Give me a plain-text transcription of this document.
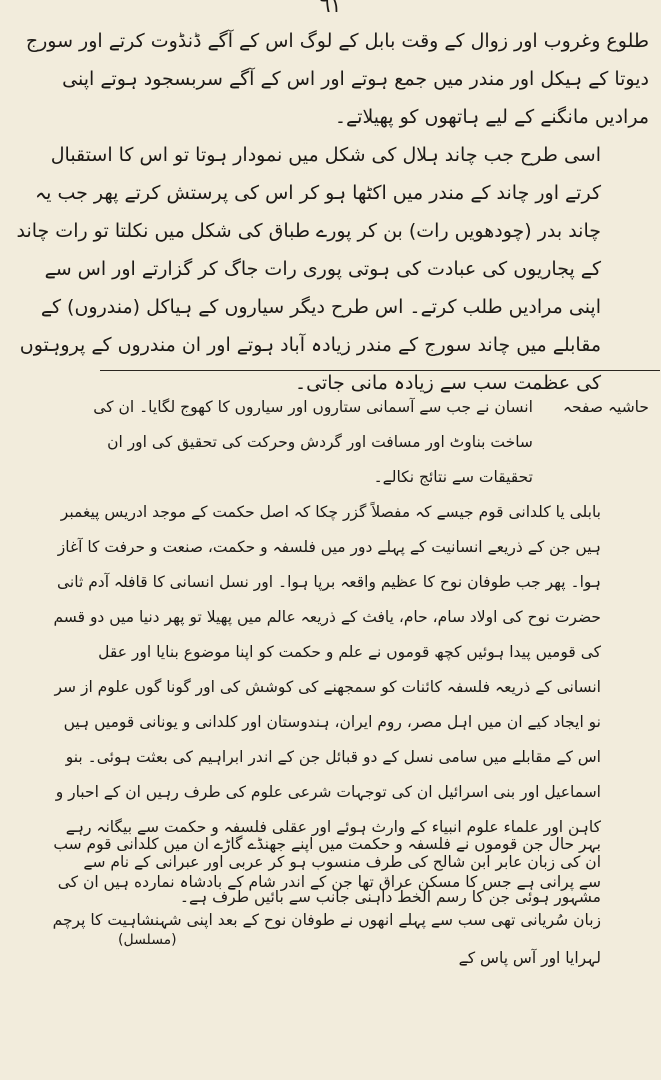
٦١

طلوع وغروب اور زوال کے وقت بابل کے لوگ اس کے آگے ڈنڈوت کرتے اور سورج دیوتا کے ہیکل اور مندر میں جمع ہوتے اور اس کے آگے سربسجود ہوتے اپنی مرادیں مانگنے کے لیے ہاتھوں کو پھیلاتے۔

اسی طرح جب چاند ہلال کی شکل میں نمودار ہوتا تو اس کا استقبال کرتے اور چاند کے مندر میں اکٹھا ہو کر اس کی پرستش کرتے پھر جب یہ چاند بدر (چودھویں رات) بن کر پورے طباق کی شکل میں نکلتا تو رات چاند کے پجاریوں کی عبادت کی ہوتی پوری رات جاگ کر گزارتے اور اس سے اپنی مرادیں طلب کرتے۔ اس طرح دیگر سیاروں کے ہیاکل (مندروں) کے مقابلے میں چاند سورج کے مندر زیادہ آباد ہوتے اور ان مندروں کے پروہتوں کی عظمت سب سے زیادہ مانی جاتی۔

حاشیہ صفحہ
انسان نے جب سے آسمانی ستاروں اور سیاروں کا کھوج لگایا۔ ان کی ساخت بناوٹ اور مسافت اور گردش وحرکت کی تحقیق کی اور ان تحقیقات سے نتائج نکالے۔

بابلی یا کلدانی قوم جیسے کہ مفصلاً گزر چکا کہ اصل حکمت کے موجد ادریس پیغمبر ہیں جن کے ذریعے انسانیت کے پہلے دور میں فلسفہ و حکمت، صنعت و حرفت کا آغاز ہوا۔ پھر جب طوفان نوح کا عظیم واقعہ برپا ہوا۔ اور نسل انسانی کا قافلہ آدم ثانی حضرت نوح کی اولاد سام، حام، یافث کے ذریعہ عالم میں پھیلا تو پھر دنیا میں دو قسم کی قومیں پیدا ہوئیں کچھ قوموں نے علم و حکمت کو اپنا موضوع بنایا اور عقل انسانی کے ذریعہ فلسفہ کائنات کو سمجھنے کی کوشش کی اور گونا گوں علوم از سر نو ایجاد کیے ان میں اہل مصر، روم ایران، ہندوستان اور کلدانی و یونانی قومیں ہیں اس کے مقابلے میں سامی نسل کے دو قبائل جن کے اندر ابراہیم کی بعثت ہوئی۔ بنو اسماعیل اور بنی اسرائیل ان کی توجہات شرعی علوم کی طرف رہیں ان کے احبار و کاہن اور علماء علوم انبیاء کے وارث ہوئے اور عقلی فلسفہ و حکمت سے بیگانہ رہے ان کی زبان عابر ابن شالح کی طرف منسوب ہو کر عربی اور عبرانی کے نام سے مشہور ہوئی جن کا رسم الخط داہنی جانب سے بائیں طرف ہے۔

بہر حال جن قوموں نے فلسفہ و حکمت میں اپنے جھنڈے گاڑے ان میں کلدانی قوم سب سے پرانی ہے جس کا مسکن عراق تھا جن کے اندر شام کے بادشاہ نمارده ہیں ان کی زبان سُریانی تھی سب سے پہلے انھوں نے طوفان نوح کے بعد اپنی شہنشاہیت کا پرچم لہرایا اور آس پاس کے

(مسلسل)
